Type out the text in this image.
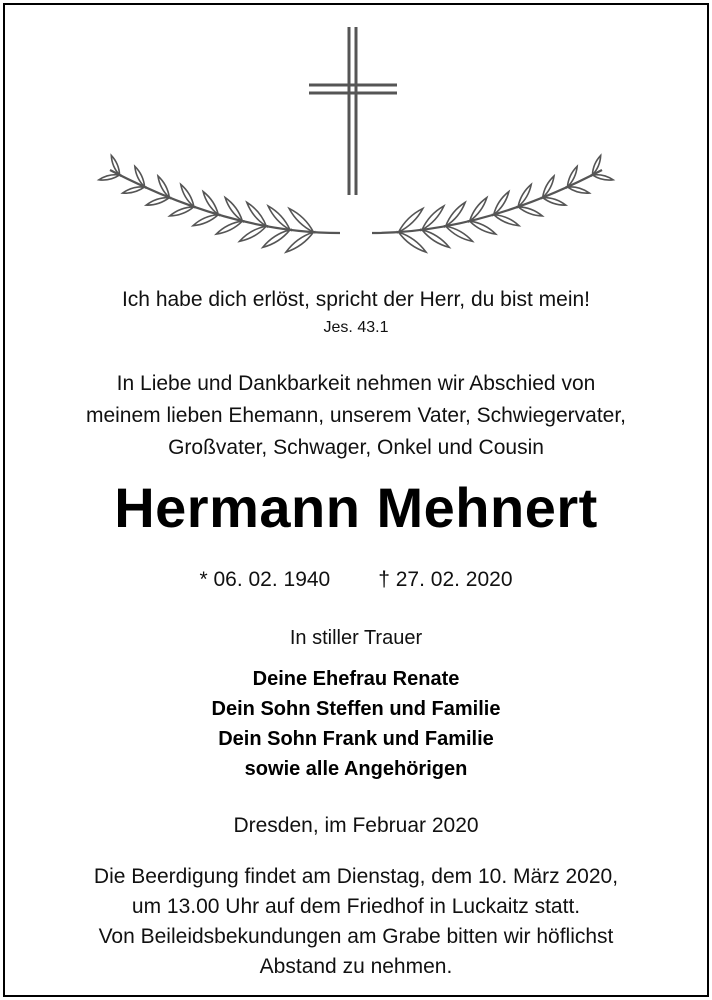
Ich habe dich erlöst, spricht der Herr, du bist mein!
Jes. 43.1
In Liebe und Dankbarkeit nehmen wir Abschied von
meinem lieben Ehemann, unserem Vater, Schwiegervater,
Großvater, Schwager, Onkel und Cousin
Hermann Mehnert
* 06. 02. 1940 † 27. 02. 2020
In stiller Trauer
Deine Ehefrau Renate
Dein Sohn Steffen und Familie
Dein Sohn Frank und Familie
sowie alle Angehörigen
Dresden, im Februar 2020
Die Beerdigung findet am Dienstag, dem 10. März 2020,
um 13.00 Uhr auf dem Friedhof in Luckaitz statt.
Von Beileidsbekundungen am Grabe bitten wir höflichst
Abstand zu nehmen.
